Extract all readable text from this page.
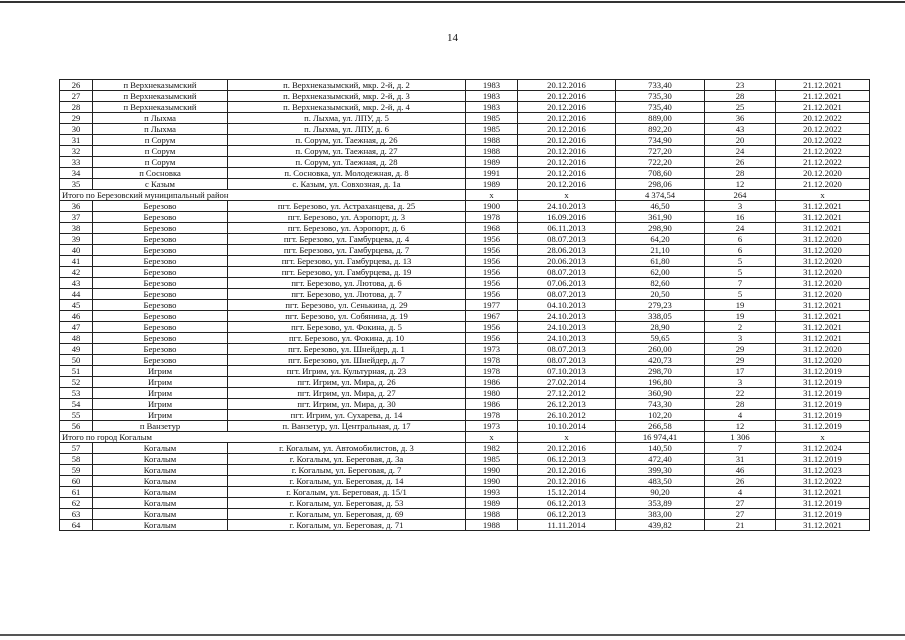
14
26	п Верхнеказымский	п. Верхнеказымский, мкр. 2-й, д. 2	1983	20.12.2016	733,40	23	21.12.2021
27	п Верхнеказымский	п. Верхнеказымский, мкр. 2-й, д. 3	1983	20.12.2016	735,30	28	21.12.2021
28	п Верхнеказымский	п. Верхнеказымский, мкр. 2-й, д. 4	1983	20.12.2016	735,40	25	21.12.2021
29	п Лыхма	п. Лыхма, ул. ЛПУ, д. 5	1985	20.12.2016	889,00	36	20.12.2022
30	п Лыхма	п. Лыхма, ул. ЛПУ, д. 6	1985	20.12.2016	892,20	43	20.12.2022
31	п Сорум	п. Сорум, ул. Таежная, д. 26	1988	20.12.2016	734,90	20	20.12.2022
32	п Сорум	п. Сорум, ул. Таежная, д. 27	1988	20.12.2016	727,20	24	21.12.2022
33	п Сорум	п. Сорум, ул. Таежная, д. 28	1989	20.12.2016	722,20	26	21.12.2022
34	п Сосновка	п. Сосновка, ул. Молодежная, д. 8	1991	20.12.2016	708,60	28	20.12.2020
35	с Казым	с. Казым, ул. Совхозная, д. 1а	1989	20.12.2016	298,06	12	21.12.2020
Итого по Березовский муниципальный район			х	х	4 374,54	264	х
36	Березово	пгт. Березово, ул. Астраханцева, д. 25	1900	24.10.2013	46,50	3	31.12.2021
37	Березово	пгт. Березово, ул. Аэропорт, д. 3	1978	16.09.2016	361,90	16	31.12.2021
38	Березово	пгт. Березово, ул. Аэропорт, д. 6	1968	06.11.2013	298,90	24	31.12.2021
39	Березово	пгт. Березово, ул. Гамбурцева, д. 4	1956	08.07.2013	64,20	6	31.12.2020
40	Березово	пгт. Березово, ул. Гамбурцева, д. 7	1956	28.06.2013	21,10	6	31.12.2020
41	Березово	пгт. Березово, ул. Гамбурцева, д. 13	1956	20.06.2013	61,80	5	31.12.2020
42	Березово	пгт. Березово, ул. Гамбурцева, д. 19	1956	08.07.2013	62,00	5	31.12.2020
43	Березово	пгт. Березово, ул. Лютова, д. 6	1956	07.06.2013	82,60	7	31.12.2020
44	Березово	пгт. Березово, ул. Лютова, д. 7	1956	08.07.2013	20,50	5	31.12.2020
45	Березово	пгт. Березово, ул. Сенькина, д. 29	1977	04.10.2013	279,23	19	31.12.2021
46	Березово	пгт. Березово, ул. Собянина, д. 19	1967	24.10.2013	338,05	19	31.12.2021
47	Березово	пгт. Березово, ул. Фокина, д. 5	1956	24.10.2013	28,90	2	31.12.2021
48	Березово	пгт. Березово, ул. Фокина, д. 10	1956	24.10.2013	59,65	3	31.12.2021
49	Березово	пгт. Березово, ул. Шнейдер, д. 1	1973	08.07.2013	260,00	29	31.12.2020
50	Березово	пгт. Березово, ул. Шнейдер, д. 7	1978	08.07.2013	420,73	29	31.12.2020
51	Игрим	пгт. Игрим, ул. Культурная, д. 23	1978	07.10.2013	298,70	17	31.12.2019
52	Игрим	пгт. Игрим, ул. Мира, д. 26	1986	27.02.2014	196,80	3	31.12.2019
53	Игрим	пгт. Игрим, ул. Мира, д. 27	1980	27.12.2012	360,90	22	31.12.2019
54	Игрим	пгт. Игрим, ул. Мира, д. 30	1986	26.12.2013	743,30	28	31.12.2019
55	Игрим	пгт. Игрим, ул. Сухарева, д. 14	1978	26.10.2012	102,20	4	31.12.2019
56	п Ванзетур	п. Ванзетур, ул. Центральная, д. 17	1973	10.10.2014	266,58	12	31.12.2019
Итого по город Когалым			х	х	16 974,41	1 306	х
57	Когалым	г. Когалым, ул. Автомобилистов, д. 3	1982	20.12.2016	140,50	7	31.12.2024
58	Когалым	г. Когалым, ул. Береговая, д. 3а	1985	06.12.2013	472,40	31	31.12.2019
59	Когалым	г. Когалым, ул. Береговая, д. 7	1990	20.12.2016	399,30	46	31.12.2023
60	Когалым	г. Когалым, ул. Береговая, д. 14	1990	20.12.2016	483,50	26	31.12.2022
61	Когалым	г. Когалым, ул. Береговая, д. 15/1	1993	15.12.2014	90,20	4	31.12.2021
62	Когалым	г. Когалым, ул. Береговая, д. 53	1989	06.12.2013	353,89	27	31.12.2019
63	Когалым	г. Когалым, ул. Береговая, д. 69	1988	06.12.2013	383,00	27	31.12.2019
64	Когалым	г. Когалым, ул. Береговая, д. 71	1988	11.11.2014	439,82	21	31.12.2021
